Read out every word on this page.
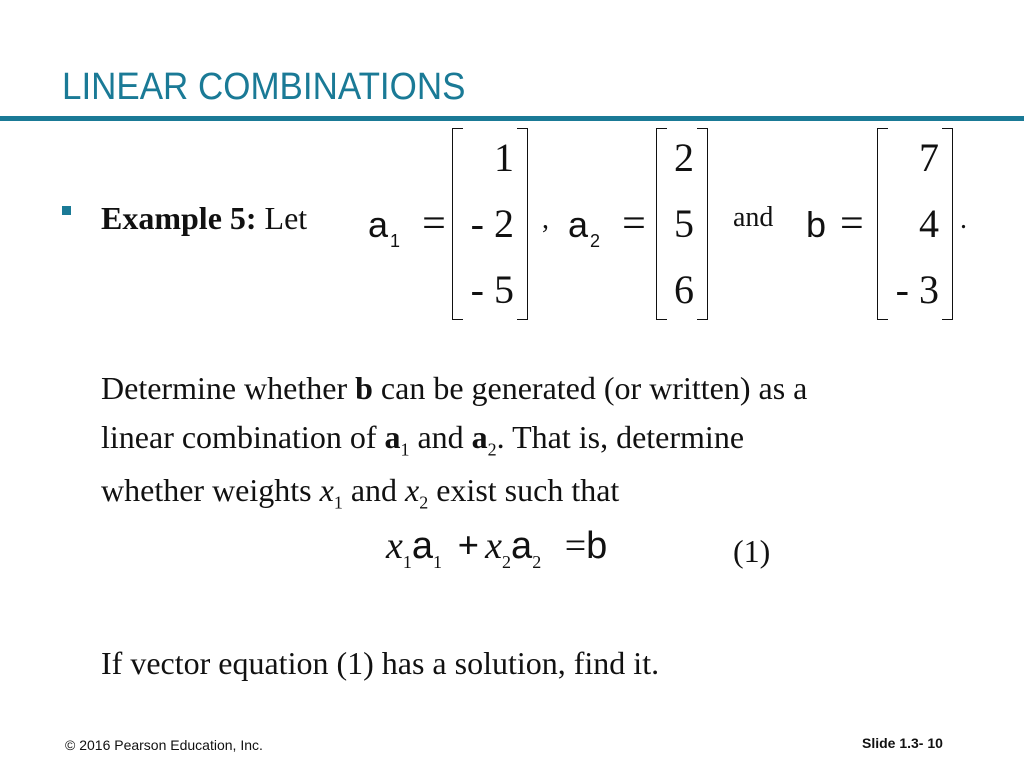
LINEAR COMBINATIONS
Example 5: Let a $_1$ =
1
- 2
- 5
, a $_2$ =
2
5
6
and b =
7
4
- 3
.
Determine whether b can be generated (or written) as a
linear combination of $a_1$ and $a_2$. That is, determine
whether weights $x_1$ and $x_2$ exist such that
$x_1a_1 + x_2a_2 =b$	(1)
If vector equation (1) has a solution, find it.
© 2016 Pearson Education, Inc.	Slide 1.3- 10
